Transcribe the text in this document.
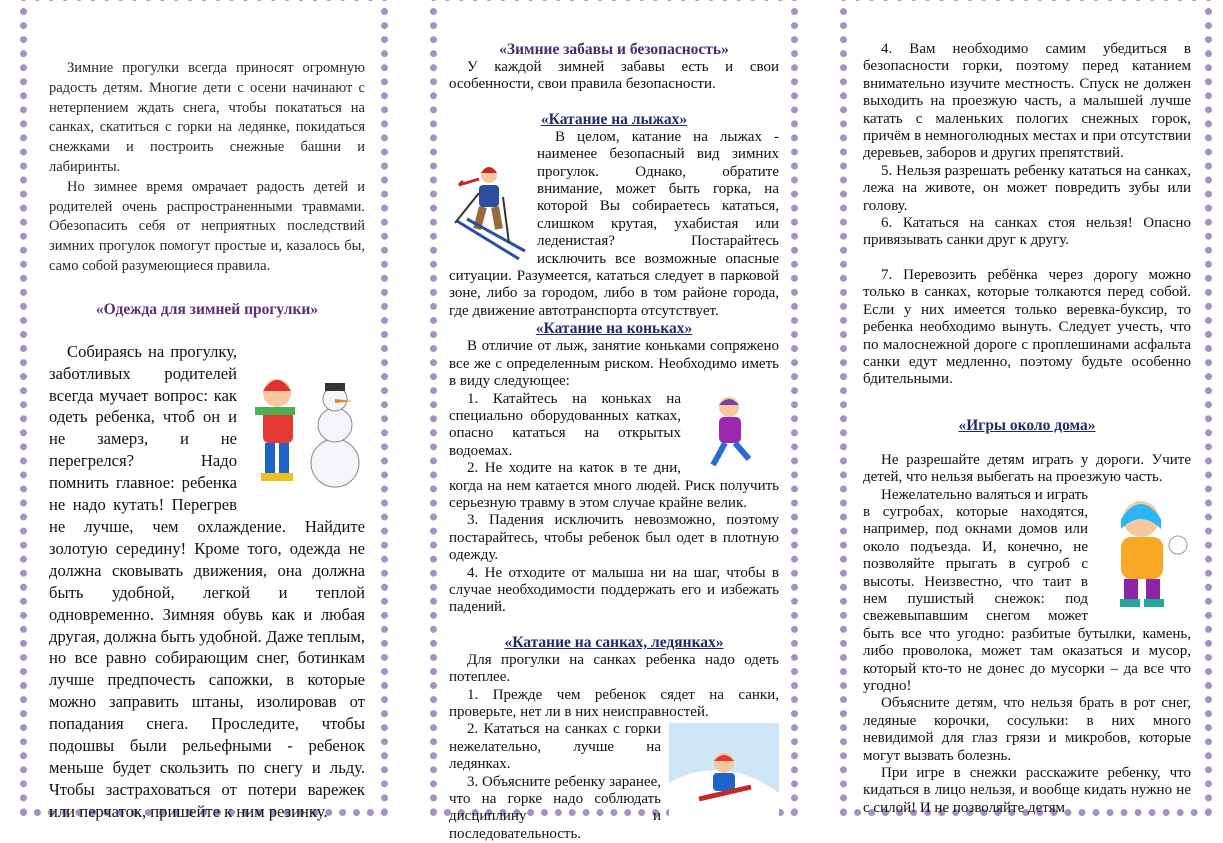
Зимние прогулки всегда приносят огромную радость детям. Многие дети с осени начинают с нетерпением ждать снега, чтобы покататься на санках, скатиться с горки на ледянке, покидаться снежками и построить снежные башни и лабиринты.

Но зимнее время омрачает радость детей и родителей очень распространенными травмами. Обезопасить себя от неприятных последствий зимних прогулок помогут простые и, казалось бы, само собой разумеющиеся правила.

«Одежда для зимней прогулки»

Собираясь на прогулку, заботливых родителей всегда мучает вопрос: как одеть ребенка, чтоб он и не замерз, и не перегрелся? Надо помнить главное: ребенка не надо кутать! Перегрев не лучше, чем охлаждение. Найдите золотую середину! Кроме того, одежда не должна сковывать движения, она должна быть удобной, легкой и теплой одновременно. Зимняя обувь как и любая другая, должна быть удобной. Даже теплым, но все равно собирающим снег, ботинкам лучше предпочесть сапожки, в которые можно заправить штаны, изолировав от попадания снега. Проследите, чтобы подошвы были рельефными - ребенок меньше будет скользить по снегу и льду. Чтобы застраховаться от потери варежек или перчаток, пришейте к ним резинку.

«Зимние забавы и безопасность»

У каждой зимней забавы есть и свои особенности, свои правила безопасности.

«Катание на лыжах»

В целом, катание на лыжах - наименее безопасный вид зимних прогулок. Однако, обратите внимание, может быть горка, на которой Вы собираетесь кататься, слишком крутая, ухабистая или леденистая? Постарайтесь исключить все возможные опасные ситуации. Разумеется, кататься следует в парковой зоне, либо за городом, либо в том районе города, где движение автотранспорта отсутствует.

«Катание на коньках»

В отличие от лыж, занятие коньками сопряжено все же с определенным риском. Необходимо иметь в виду следующее:

1. Катайтесь на коньках на специально оборудованных катках, опасно кататься на открытых водоемах.

2. Не ходите на каток в те дни, когда на нем катается много людей. Риск получить серьезную травму в этом случае крайне велик.

3. Падения исключить невозможно, поэтому постарайтесь, чтобы ребенок был одет в плотную одежду.

4. Не отходите от малыша ни на шаг, чтобы в случае необходимости поддержать его и избежать падений.

«Катание на санках, ледянках»

Для прогулки на санках ребенка надо одеть потеплее.

1. Прежде чем ребенок сядет на санки, проверьте, нет ли в них неисправностей.

2. Кататься на санках с горки нежелательно, лучше на ледянках.

3. Объясните ребенку заранее, что на горке надо соблюдать дисциплину и последовательность.

4. Вам необходимо самим убедиться в безопасности горки, поэтому перед катанием внимательно изучите местность. Спуск не должен выходить на проезжую часть, а малышей лучше катать с маленьких пологих снежных горок, причём в немноголюдных местах и при отсутствии деревьев, заборов и других препятствий.

5. Нельзя разрешать ребенку кататься на санках, лежа на животе, он может повредить зубы или голову.

6. Кататься на санках стоя нельзя! Опасно привязывать санки друг к другу.

7. Перевозить ребёнка через дорогу можно только в санках, которые толкаются перед собой. Если у них имеется только веревка-буксир, то ребенка необходимо вынуть. Следует учесть, что по малоснежной дороге с проплешинами асфальта санки едут медленно, поэтому будьте особенно бдительными.

«Игры около дома»

Не разрешайте детям играть у дороги. Учите детей, что нельзя выбегать на проезжую часть.

Нежелательно валяться и играть в сугробах, которые находятся, например, под окнами домов или около подъезда. И, конечно, не позволяйте прыгать в сугроб с высоты. Неизвестно, что таит в нем пушистый снежок: под свежевыпавшим снегом может быть все что угодно: разбитые бутылки, камень, либо проволока, может там оказаться и мусор, который кто-то не донес до мусорки – да все что угодно!

Объясните детям, что нельзя брать в рот снег, ледяные корочки, сосульки: в них много невидимой для глаз грязи и микробов, которые могут вызвать болезнь.

При игре в снежки расскажите ребенку, что кидаться в лицо нельзя, и вообще кидать нужно не с силой! И не позволяйте детям
